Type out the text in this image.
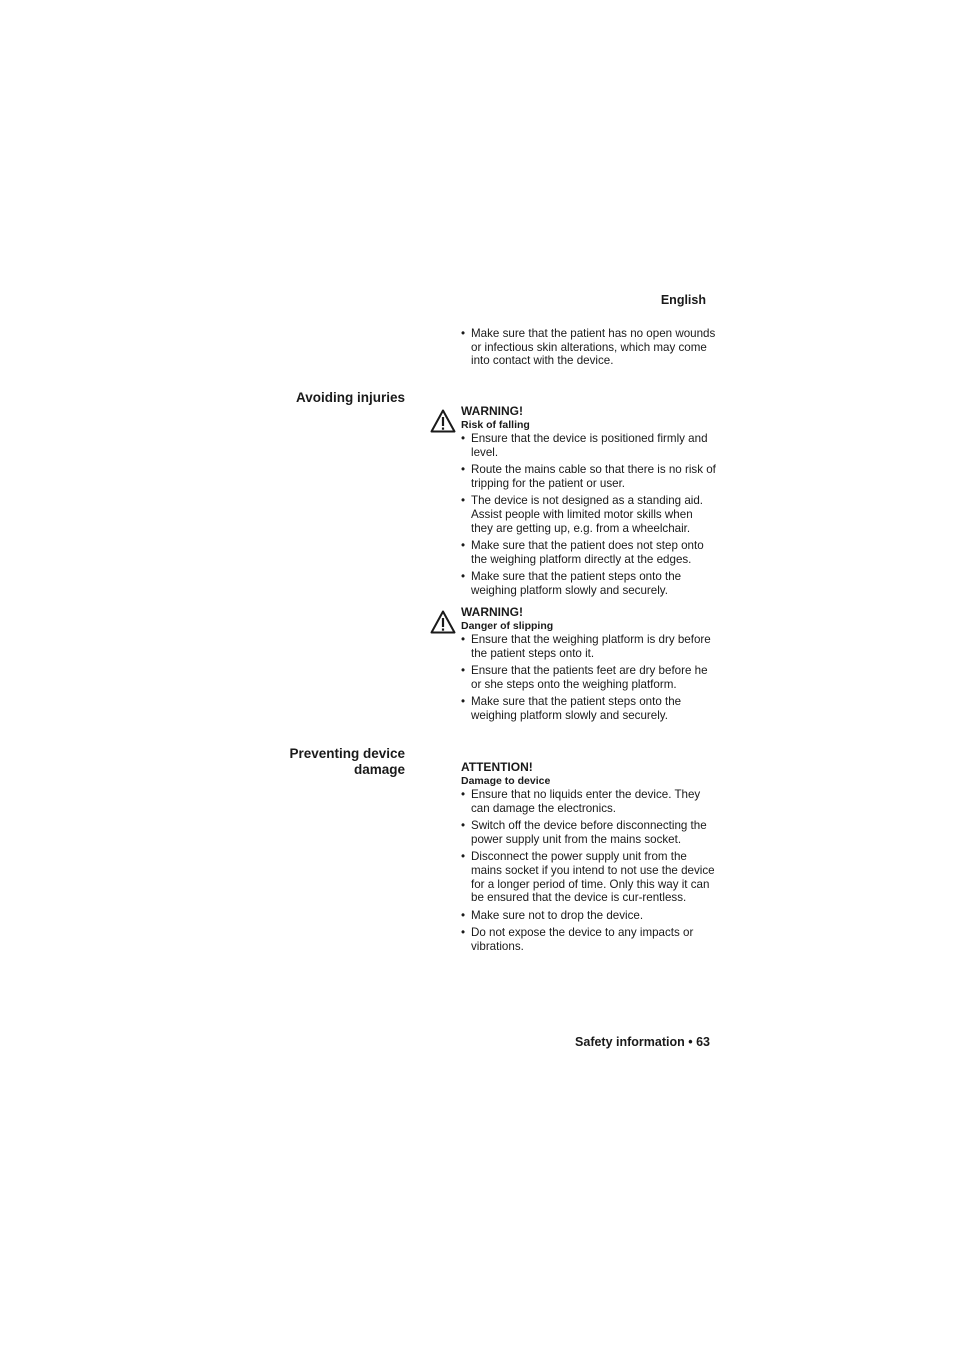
English
• Make sure that the patient has no open wounds or infectious skin alterations, which may come into contact with the device.
Avoiding injuries
WARNING!
Risk of falling
• Ensure that the device is positioned firmly and level.
• Route the mains cable so that there is no risk of tripping for the patient or user.
• The device is not designed as a standing aid. Assist people with limited motor skills when they are getting up, e.g. from a wheelchair.
• Make sure that the patient does not step onto the weighing platform directly at the edges.
• Make sure that the patient steps onto the weighing platform slowly and securely.
WARNING!
Danger of slipping
• Ensure that the weighing platform is dry before the patient steps onto it.
• Ensure that the patients feet are dry before he or she steps onto the weighing platform.
• Make sure that the patient steps onto the weighing platform slowly and securely.
Preventing device
damage	ATTENTION!
Damage to device
• Ensure that no liquids enter the device. They can damage the electronics.
• Switch off the device before disconnecting the power supply unit from the mains socket.
• Disconnect the power supply unit from the mains socket if you intend to not use the device for a longer period of time. Only this way it can be ensured that the device is cur-rentless.
• Make sure not to drop the device.
• Do not expose the device to any impacts or vibrations.
Safety information • 63
